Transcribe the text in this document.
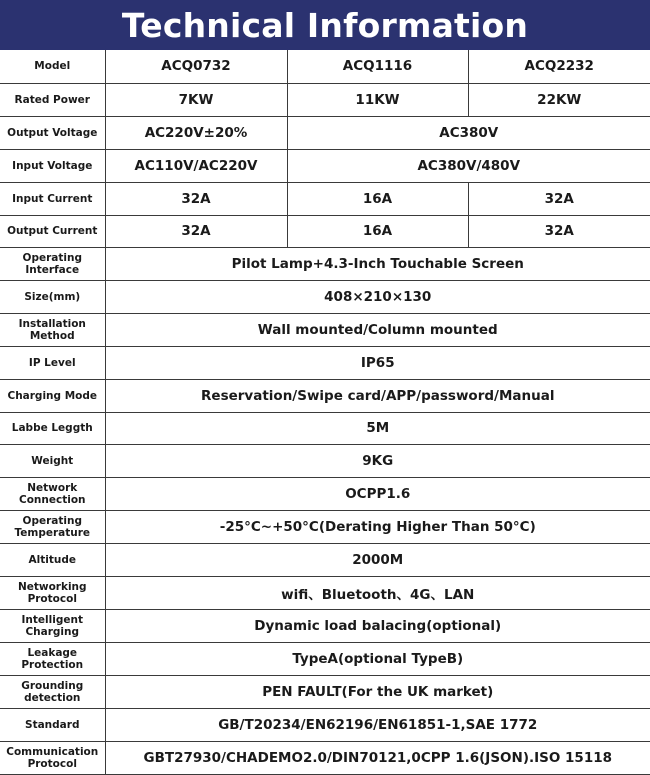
Technical Information
Model	ACQ0732	ACQ1116	ACQ2232
Rated Power	7KW	11KW	22KW
Output Voltage	AC220V±20%	AC380V	
Input Voltage	AC110V/AC220V	AC380V/480V	
Input Current	32A	16A	32A
Output Current	32A	16A	32A
Operating Interface	Pilot Lamp+4.3-Inch Touchable Screen		
Size(mm)	408×210×130		
Installation Method	Wall mounted/Column mounted		
IP Level	IP65		
Charging Mode	Reservation/Swipe card/APP/password/Manual		
Labbe Leggth	5M		
Weight	9KG		
Network Connection	OCPP1.6		
Operating Temperature	-25°C~+50°C(Derating Higher Than 50°C)		
Altitude	2000M		
Networking Protocol	wifi、Bluetooth、4G、LAN		
Intelligent Charging	Dynamic load balacing(optional)		
Leakage Protection	TypeA(optional TypeB)		
Grounding detection	PEN FAULT(For the UK market)		
Standard	GB/T20234/EN62196/EN61851-1,SAE 1772		
Communication Protocol	GBT27930/CHADEMO2.0/DIN70121,0CPP 1.6(JSON).ISO 15118		
